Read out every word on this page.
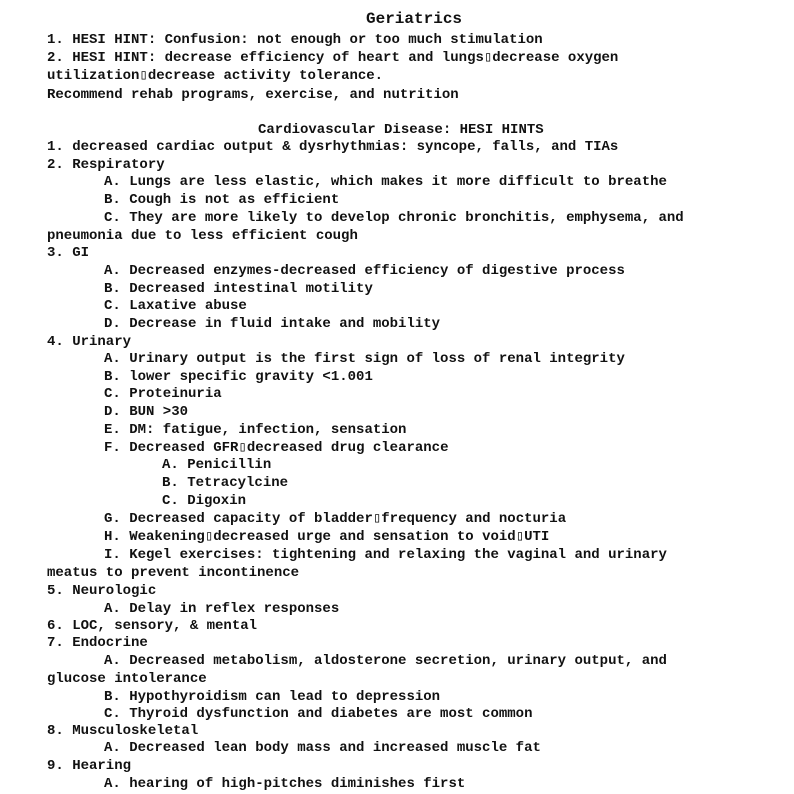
Geriatrics
1. HESI HINT: Confusion: not enough or too much stimulation
2. HESI HINT: decrease efficiency of heart and lungs▯decrease oxygen
utilization▯decrease activity tolerance.
Recommend rehab programs, exercise, and nutrition
Cardiovascular Disease: HESI HINTS
1. decreased cardiac output & dysrhythmias: syncope, falls, and TIAs
2. Respiratory
A. Lungs are less elastic, which makes it more difficult to breathe
B. Cough is not as efficient
C. They are more likely to develop chronic bronchitis, emphysema, and
pneumonia due to less efficient cough
3. GI
A. Decreased enzymes-decreased efficiency of digestive process
B. Decreased intestinal motility
C. Laxative abuse
D. Decrease in fluid intake and mobility
4. Urinary
A. Urinary output is the first sign of loss of renal integrity
B. lower specific gravity <1.001
C. Proteinuria
D. BUN >30
E. DM: fatigue, infection, sensation
F. Decreased GFR▯decreased drug clearance
A. Penicillin
B. Tetracylcine
C. Digoxin
G. Decreased capacity of bladder▯frequency and nocturia
H. Weakening▯decreased urge and sensation to void▯UTI
I. Kegel exercises: tightening and relaxing the vaginal and urinary
meatus to prevent incontinence
5. Neurologic
A. Delay in reflex responses
6. LOC, sensory, & mental
7. Endocrine
A. Decreased metabolism, aldosterone secretion, urinary output, and
glucose intolerance
B. Hypothyroidism can lead to depression
C. Thyroid dysfunction and diabetes are most common
8. Musculoskeletal
A. Decreased lean body mass and increased muscle fat
9. Hearing
A. hearing of high-pitches diminishes first
